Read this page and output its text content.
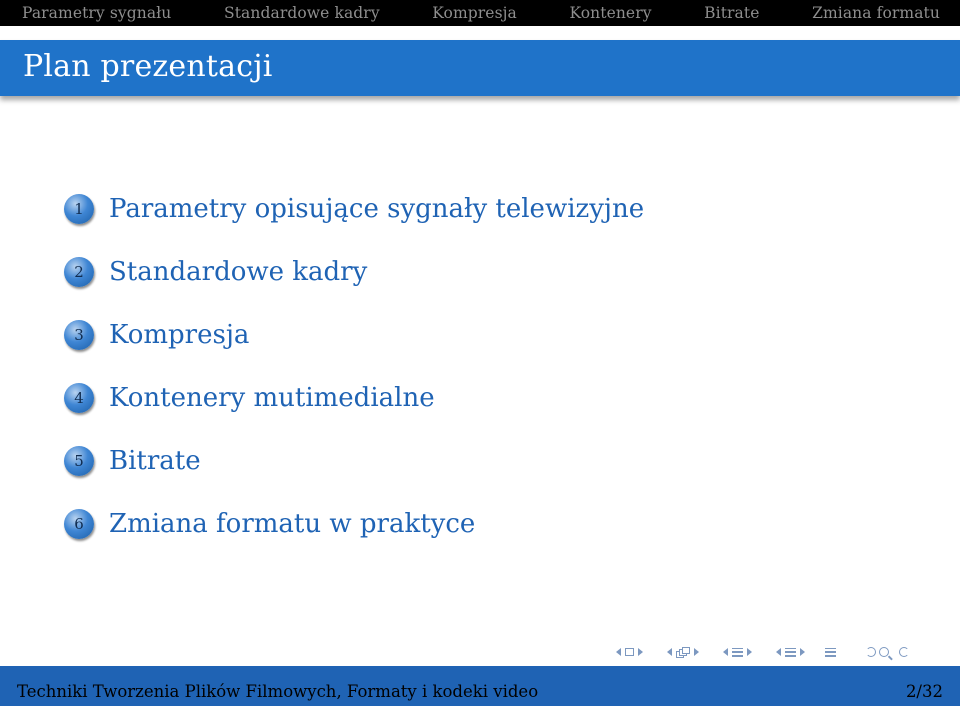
Parametry sygnału	Standardowe kadry	Kompresja	Kontenery	Bitrate	Zmiana formatu
Plan prezentacji
1 Parametry opisujące sygnały telewizyjne
2 Standardowe kadry
3 Kompresja
4 Kontenery mutimedialne
5 Bitrate
6 Zmiana formatu w praktyce
Techniki Tworzenia Plików Filmowych, Formaty i kodeki video	2/32
